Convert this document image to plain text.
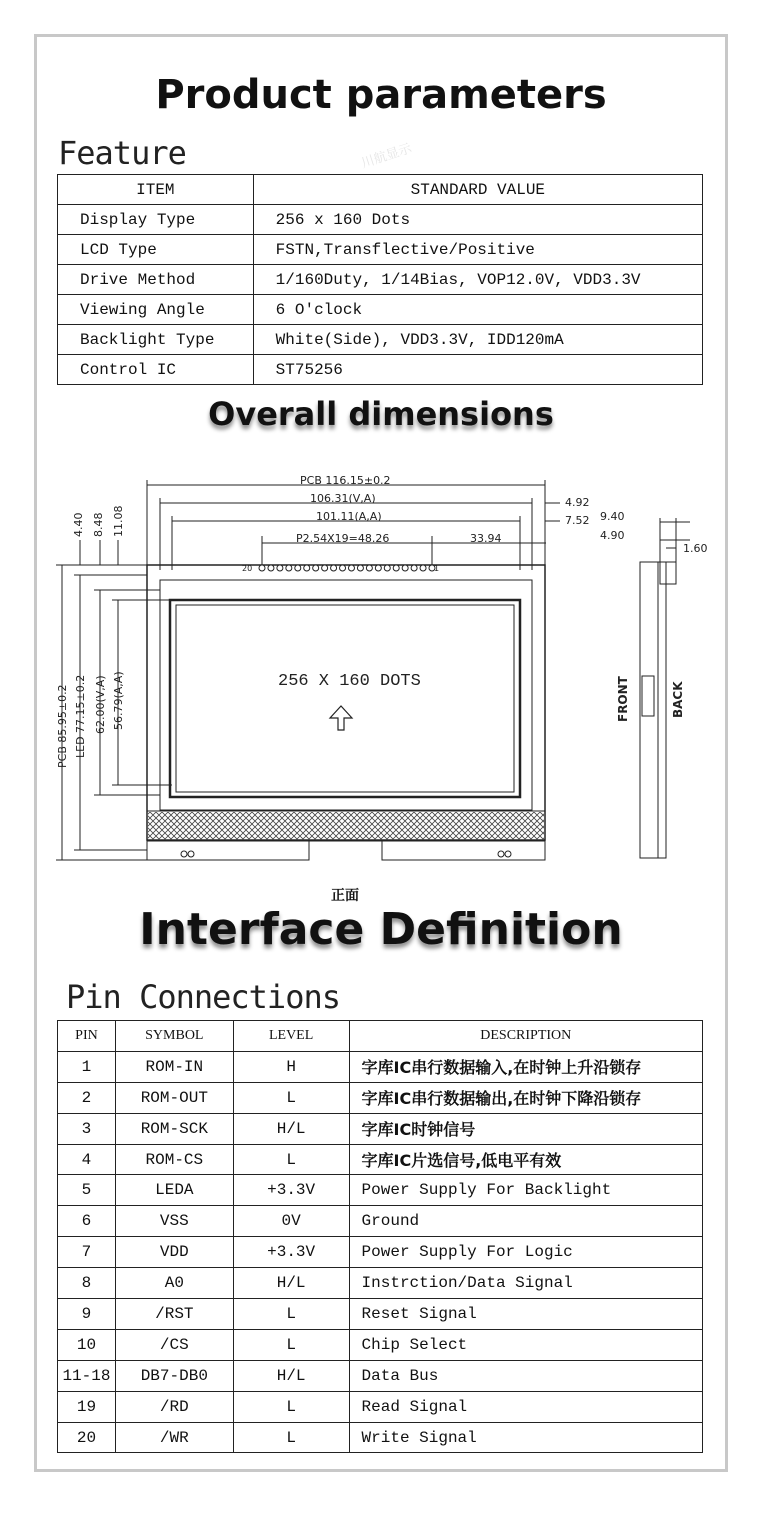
川航显示
Product parameters
Feature
ITEM	STANDARD VALUE
Display Type	256 x 160 Dots
LCD Type	FSTN,Transflective/Positive
Drive Method	1/160Duty, 1/14Bias, VOP12.0V, VDD3.3V
Viewing Angle	6 O'clock
Backlight Type	White(Side), VDD3.3V, IDD120mA
Control IC	ST75256
Overall dimensions
PCB 116.15±0.2
106.31(V,A)
101.11(A,A)
P2.54X19=48.26	33.94
4.92
7.52 9.40
4.90
1.60
20	1
4.40 8.48 11.08
PCB 85.95±0.2 LED 77.15±0.2 62.00(V,A) 56.79(A,A)	FRONT	BACK
256 X 160 DOTS
正面
Interface Definition
Pin Connections
PIN	SYMBOL	LEVEL	DESCRIPTION
1	ROM-IN	H	字库IC串行数据输入,在时钟上升沿锁存
2	ROM-OUT	L	字库IC串行数据输出,在时钟下降沿锁存
3	ROM-SCK	H/L	字库IC时钟信号
4	ROM-CS	L	字库IC片选信号,低电平有效
5	LEDA	+3.3V	Power Supply For Backlight
6	VSS	0V	Ground
7	VDD	+3.3V	Power Supply For Logic
8	A0	H/L	Instrction/Data Signal
9	/RST	L	Reset Signal
10	/CS	L	Chip Select
11-18	DB7-DB0	H/L	Data Bus
19	/RD	L	Read Signal
20	/WR	L	Write Signal
